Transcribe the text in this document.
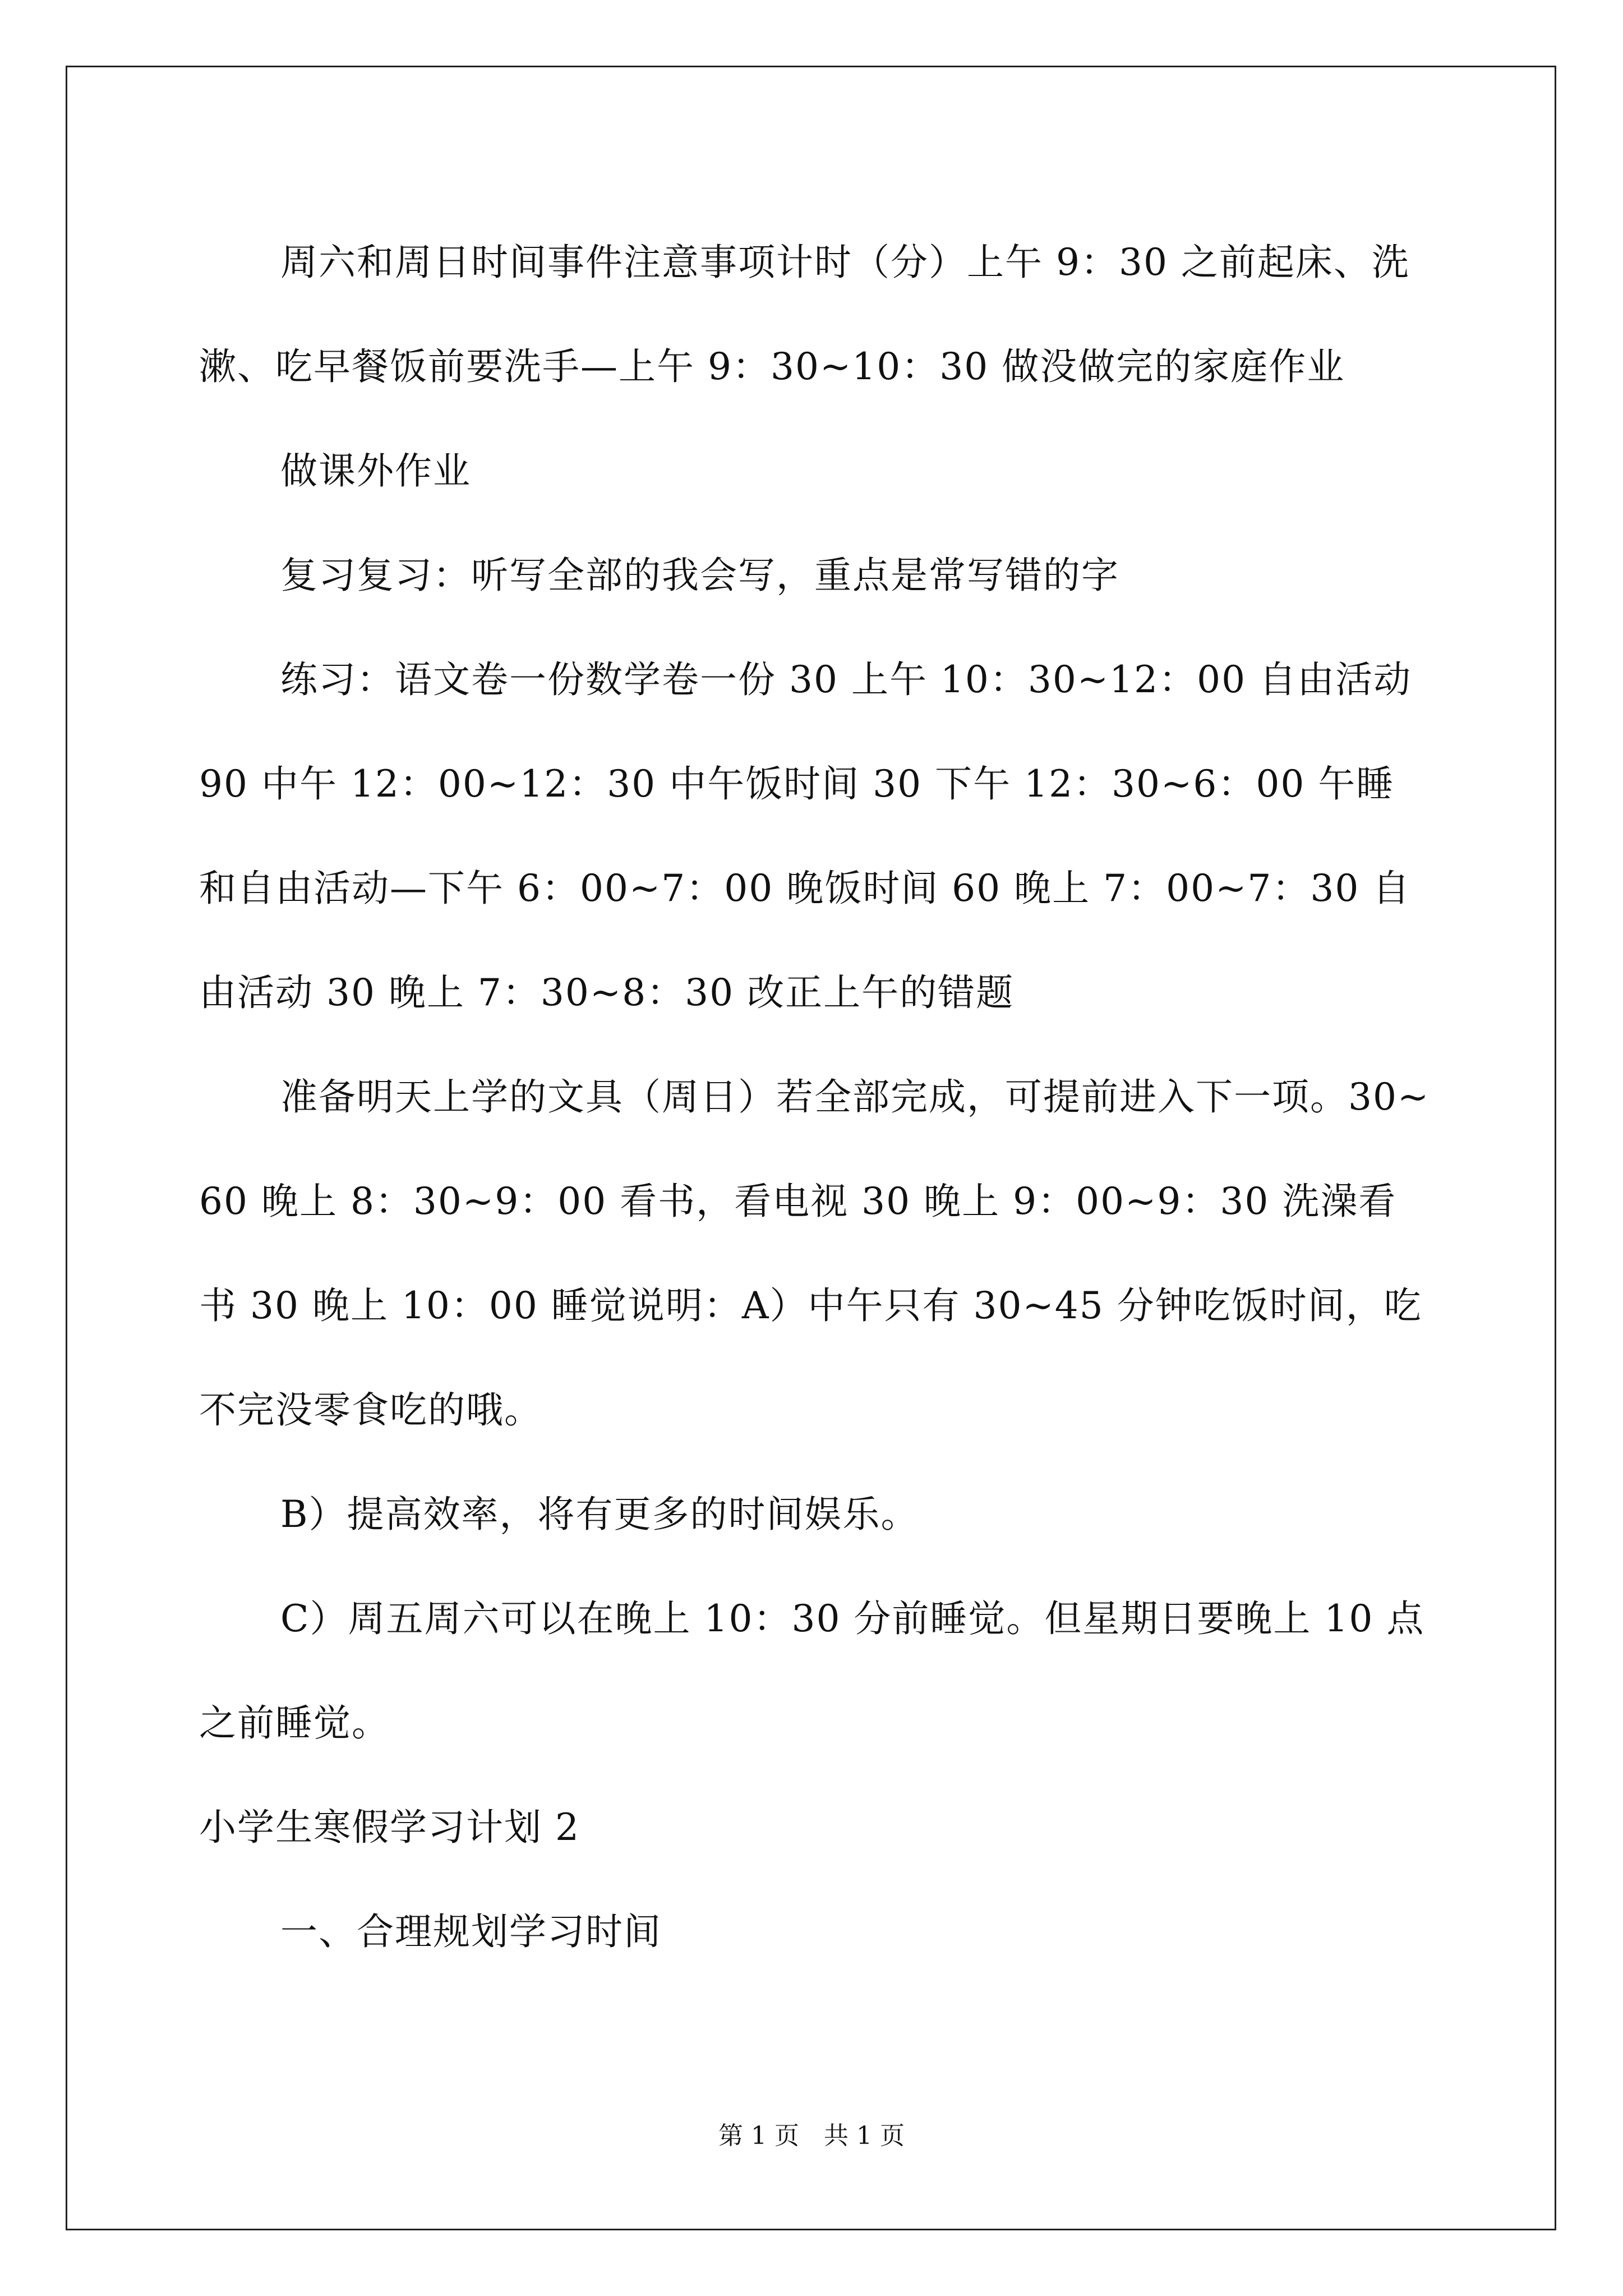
周六和周日时间事件注意事项计时（分）上午 9：30 之前起床、洗漱、吃早餐饭前要洗手—上午 9：30~10：30 做没做完的家庭作业

做课外作业

复习复习：听写全部的我会写，重点是常写错的字

练习：语文卷一份数学卷一份 30 上午 10：30~12：00 自由活动 90 中午 12：00~12：30 中午饭时间 30 下午 12：30~6：00 午睡和自由活动—下午 6：00~7：00 晚饭时间 60 晚上 7：00~7：30 自由活动 30 晚上 7：30~8：30 改正上午的错题

准备明天上学的文具（周日）若全部完成，可提前进入下一项。30~60 晚上 8：30~9：00 看书，看电视 30 晚上 9：00~9：30 洗澡看书 30 晚上 10：00 睡觉说明：A）中午只有 30~45 分钟吃饭时间，吃不完没零食吃的哦。

B）提高效率，将有更多的时间娱乐。

C）周五周六可以在晚上 10：30 分前睡觉。但星期日要晚上 10 点之前睡觉。

小学生寒假学习计划 2

一、合理规划学习时间

第 1 页　共 1 页
